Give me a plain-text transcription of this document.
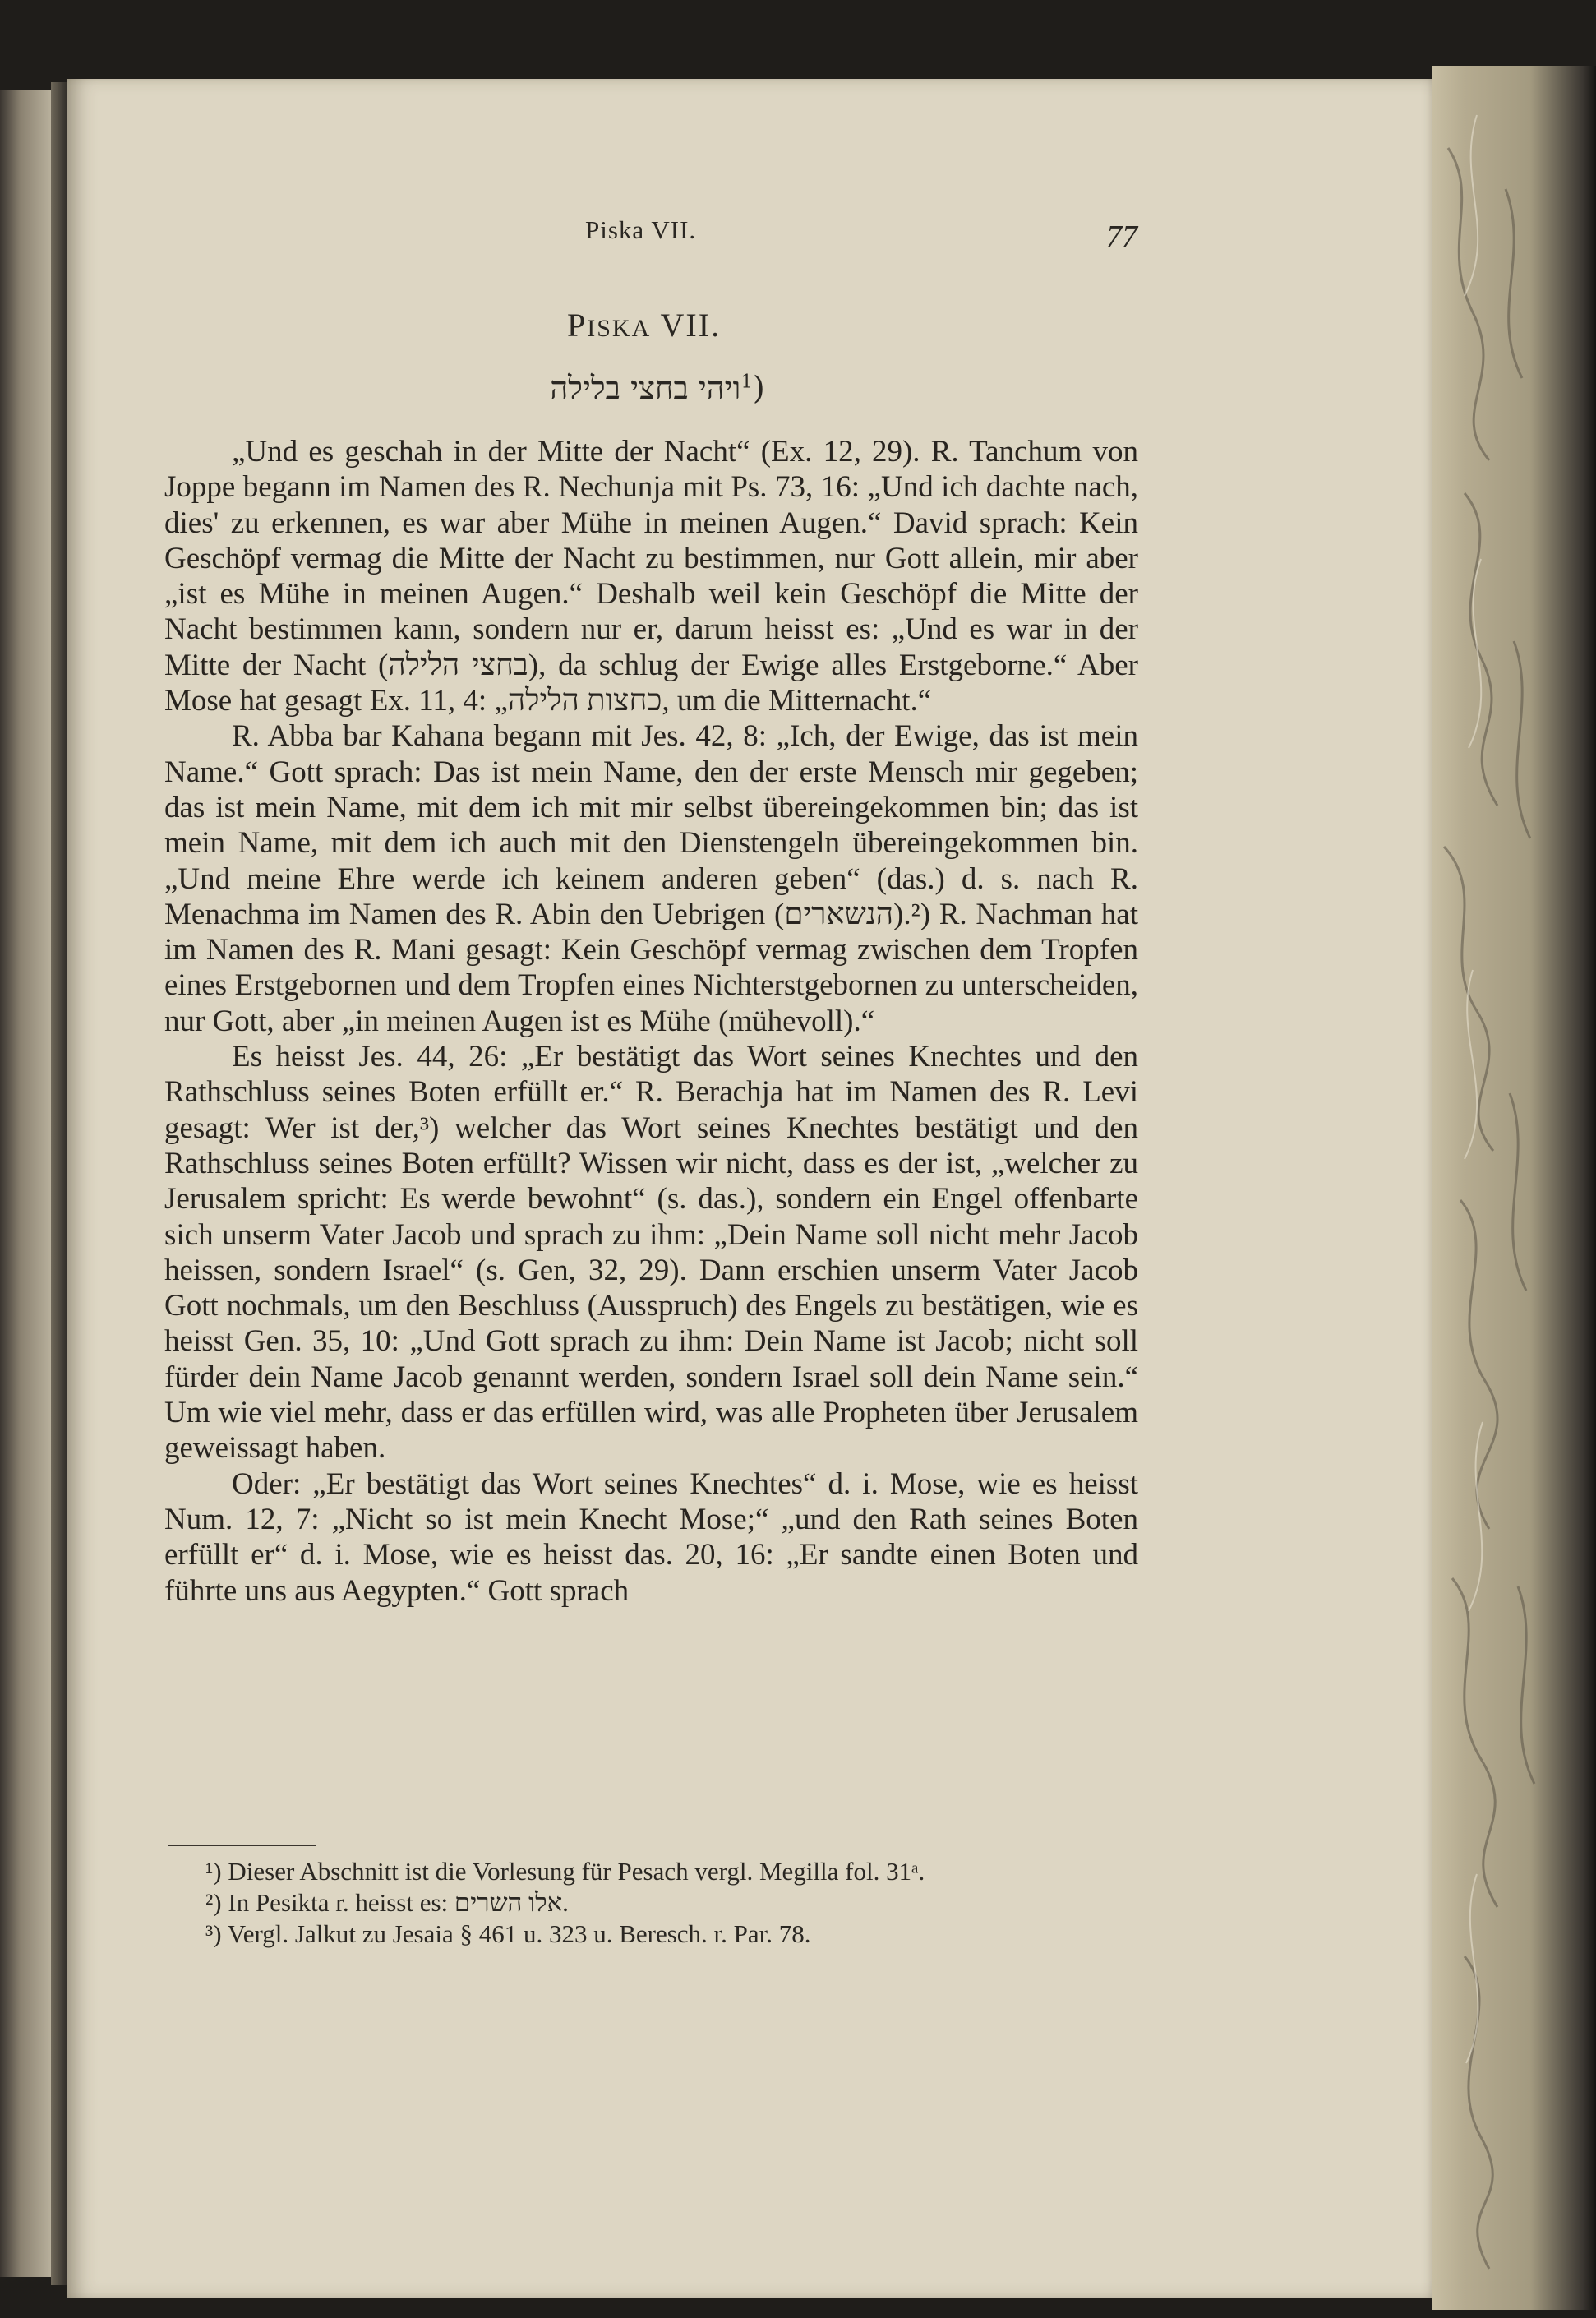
Piska VII.	77
PISKA VII.
ויהי בחצי בלילה$^1$)

„Und es geschah in der Mitte der Nacht“ (Ex. 12, 29). R. Tanchum von Joppe begann im Namen des R. Nechunja mit Ps. 73, 16: „Und ich dachte nach, dies' zu erkennen, es war aber Mühe in meinen Augen.“ David sprach: Kein Geschöpf vermag die Mitte der Nacht zu bestimmen, nur Gott allein, mir aber „ist es Mühe in meinen Augen.“ Deshalb weil kein Geschöpf die Mitte der Nacht bestimmen kann, sondern nur er, darum heisst es: „Und es war in der Mitte der Nacht (בחצי הלילה), da schlug der Ewige alles Erstgeborne.“ Aber Mose hat gesagt Ex. 11, 4: „כחצות הלילה, um die Mitternacht.“

R. Abba bar Kahana begann mit Jes. 42, 8: „Ich, der Ewige, das ist mein Name.“ Gott sprach: Das ist mein Name, den der erste Mensch mir gegeben; das ist mein Name, mit dem ich mit mir selbst übereingekommen bin; das ist mein Name, mit dem ich auch mit den Dienstengeln übereingekommen bin. „Und meine Ehre werde ich keinem anderen geben“ (das.) d. s. nach R. Menachma im Namen des R. Abin den Uebrigen (הנשארים).²) R. Nachman hat im Namen des R. Mani gesagt: Kein Geschöpf vermag zwischen dem Tropfen eines Erstgebornen und dem Tropfen eines Nichterstgebornen zu unterscheiden, nur Gott, aber „in meinen Augen ist es Mühe (mühevoll).“

Es heisst Jes. 44, 26: „Er bestätigt das Wort seines Knechtes und den Rathschluss seines Boten erfüllt er.“ R. Berachja hat im Namen des R. Levi gesagt: Wer ist der,³) welcher das Wort seines Knechtes bestätigt und den Rathschluss seines Boten erfüllt? Wissen wir nicht, dass es der ist, „welcher zu Jerusalem spricht: Es werde bewohnt“ (s. das.), sondern ein Engel offenbarte sich unserm Vater Jacob und sprach zu ihm: „Dein Name soll nicht mehr Jacob heissen, sondern Israel“ (s. Gen, 32, 29). Dann erschien unserm Vater Jacob Gott nochmals, um den Beschluss (Ausspruch) des Engels zu bestätigen, wie es heisst Gen. 35, 10: „Und Gott sprach zu ihm: Dein Name ist Jacob; nicht soll fürder dein Name Jacob genannt werden, sondern Israel soll dein Name sein.“ Um wie viel mehr, dass er das erfüllen wird, was alle Propheten über Jerusalem geweissagt haben.

Oder: „Er bestätigt das Wort seines Knechtes“ d. i. Mose, wie es heisst Num. 12, 7: „Nicht so ist mein Knecht Mose;“ „und den Rath seines Boten erfüllt er“ d. i. Mose, wie es heisst das. 20, 16: „Er sandte einen Boten und führte uns aus Aegypten.“ Gott sprach

¹) Dieser Abschnitt ist die Vorlesung für Pesach vergl. Megilla fol. 31ᵃ.
²) In Pesikta r. heisst es: אלו השרים.
³) Vergl. Jalkut zu Jesaia § 461 u. 323 u. Beresch. r. Par. 78.
